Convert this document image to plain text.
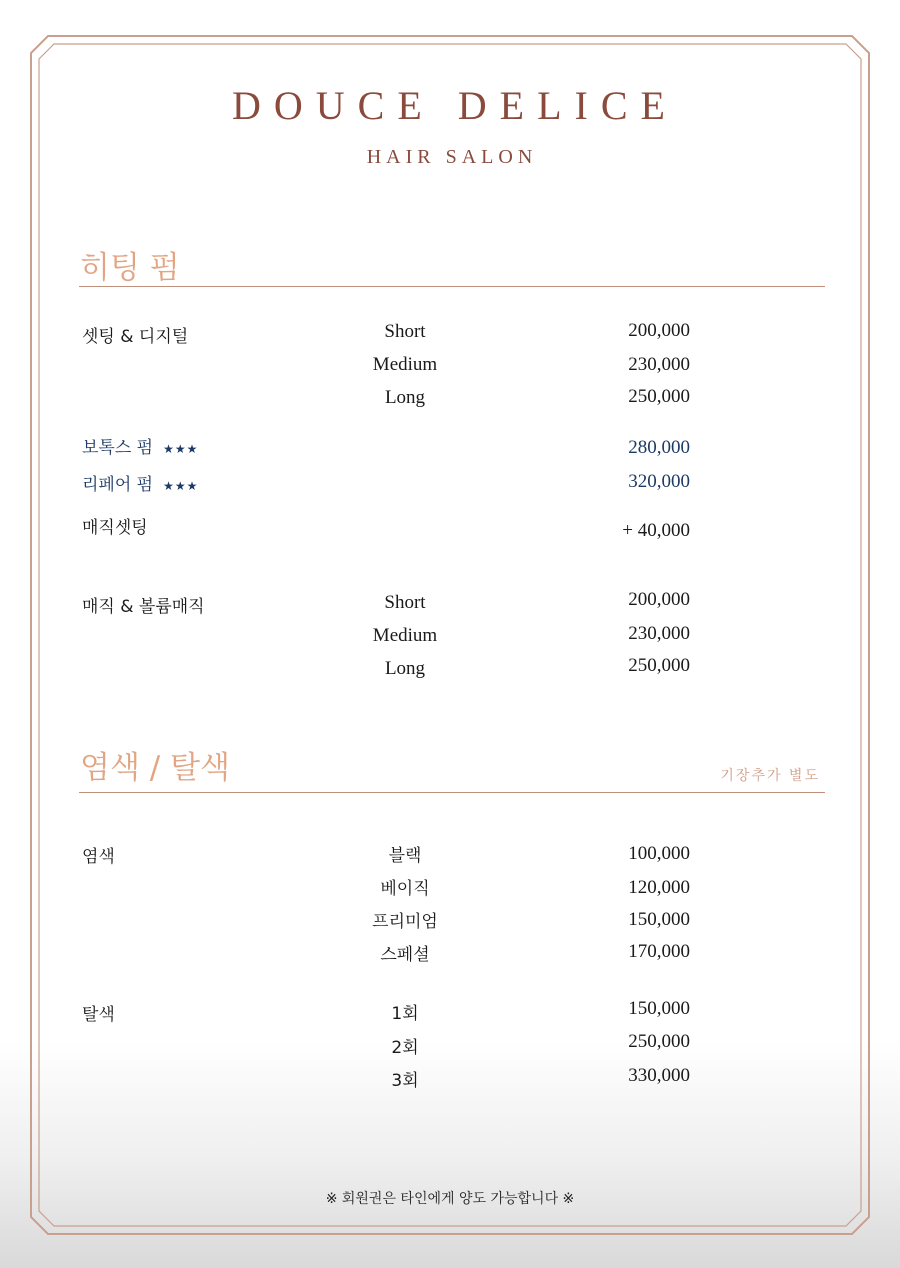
DOUCE DELICE
HAIR SALON
히팅 펌
셋팅 & 디지털	Short	200,000
Medium	230,000
Long	250,000
보톡스 펌 ★★★	280,000
리페어 펌 ★★★	320,000
매직셋팅	+ 40,000
매직 & 볼륨매직	Short	200,000
Medium	230,000
Long	250,000
염색 / 탈색	기장추가 별도
염색	블랙	100,000
베이직	120,000
프리미엄	150,000
스페셜	170,000
탈색	1회	150,000
2회	250,000
3회	330,000
※ 회원권은 타인에게 양도 가능합니다 ※
